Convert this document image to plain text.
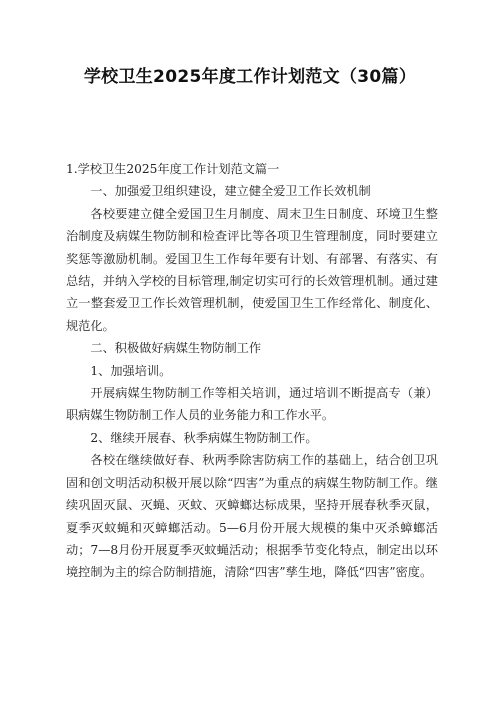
学校卫生2025年度工作计划范文（30篇）

1.学校卫生2025年度工作计划范文篇一

一、加强爱卫组织建设，建立健全爱卫工作长效机制

各校要建立健全爱国卫生月制度、周末卫生日制度、环境卫生整治制度及病媒生物防制和检查评比等各项卫生管理制度，同时要建立奖惩等激励机制。爱国卫生工作每年要有计划、有部署、有落实、有总结，并纳入学校的目标管理,制定切实可行的长效管理机制。通过建立一整套爱卫工作长效管理机制，使爱国卫生工作经常化、制度化、规范化。

二、积极做好病媒生物防制工作

1、加强培训。

开展病媒生物防制工作等相关培训，通过培训不断提高专（兼）职病媒生物防制工作人员的业务能力和工作水平。

2、继续开展春、秋季病媒生物防制工作。

各校在继续做好春、秋两季除害防病工作的基础上，结合创卫巩固和创文明活动积极开展以除“四害”为重点的病媒生物防制工作。继续巩固灭鼠、灭蝇、灭蚊、灭蟑螂达标成果，坚持开展春秋季灭鼠，夏季灭蚊蝇和灭蟑螂活动。5—6月份开展大规模的集中灭杀蟑螂活动；7—8月份开展夏季灭蚊蝇活动；根据季节变化特点，制定出以环境控制为主的综合防制措施，清除“四害”孳生地，降低“四害”密度。
